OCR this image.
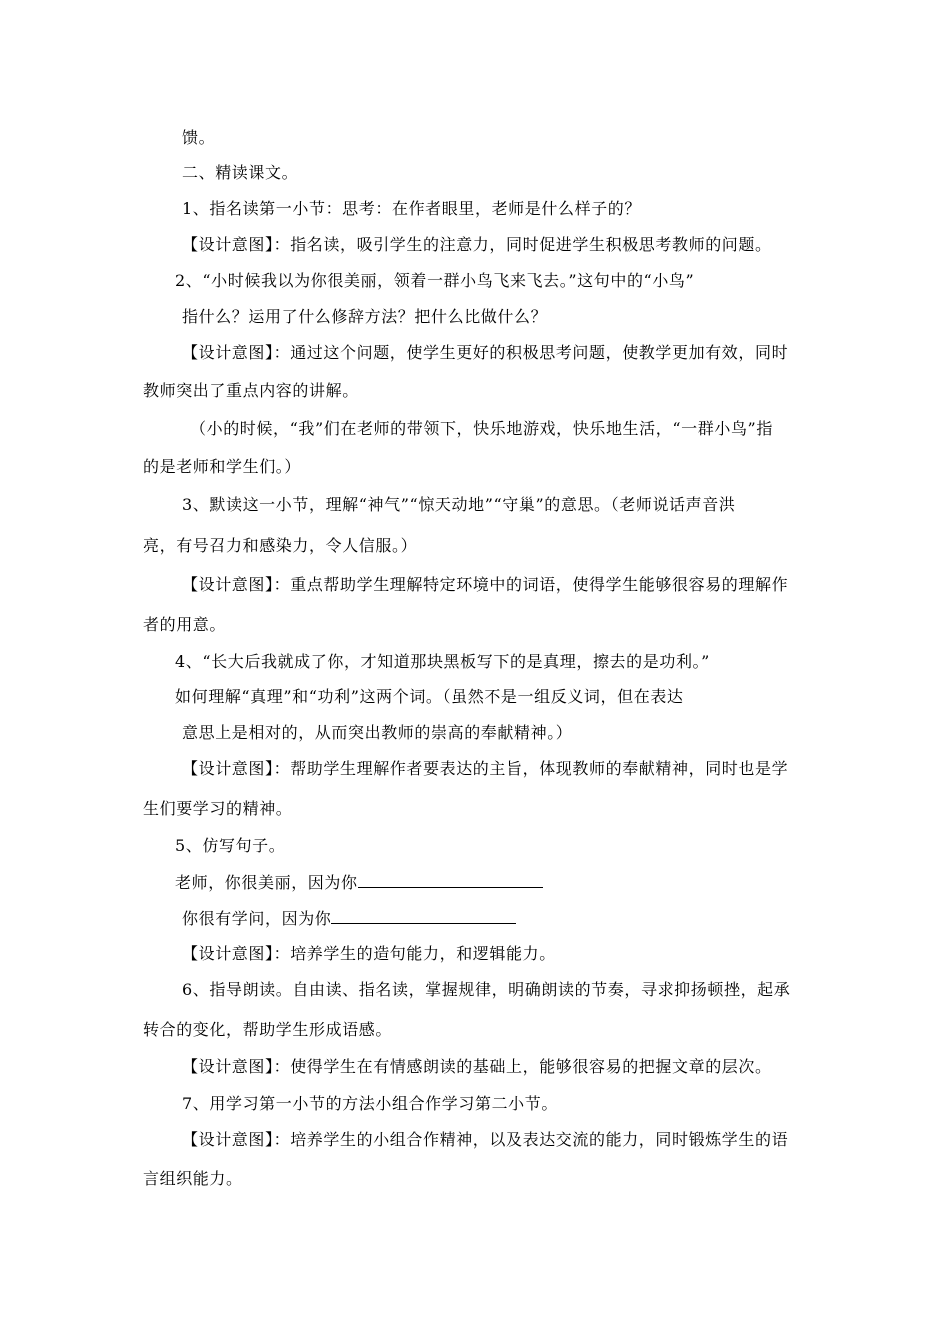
馈。
二、精读课文。
1、指名读第一小节：思考：在作者眼里，老师是什么样子的？
【设计意图】：指名读，吸引学生的注意力，同时促进学生积极思考教师的问题。
2、“小时候我以为你很美丽，领着一群小鸟飞来飞去。”这句中的“小鸟”
指什么？运用了什么修辞方法？把什么比做什么？
【设计意图】：通过这个问题，使学生更好的积极思考问题，使教学更加有效，同时
教师突出了重点内容的讲解。
（小的时候，“我”们在老师的带领下，快乐地游戏，快乐地生活，“一群小鸟”指
的是老师和学生们。）
3、默读这一小节，理解“神气”“惊天动地”“守巢”的意思。（老师说话声音洪
亮，有号召力和感染力，令人信服。）
【设计意图】：重点帮助学生理解特定环境中的词语，使得学生能够很容易的理解作
者的用意。
4、“长大后我就成了你，才知道那块黑板写下的是真理，擦去的是功利。”
如何理解“真理”和“功利”这两个词。（虽然不是一组反义词，但在表达
意思上是相对的，从而突出教师的崇高的奉献精神。）
【设计意图】：帮助学生理解作者要表达的主旨，体现教师的奉献精神，同时也是学
生们要学习的精神。
5、仿写句子。
老师，你很美丽，因为你
你很有学问，因为你
【设计意图】：培养学生的造句能力，和逻辑能力。
6、指导朗读。自由读、指名读，掌握规律，明确朗读的节奏，寻求抑扬顿挫，起承
转合的变化，帮助学生形成语感。
【设计意图】：使得学生在有情感朗读的基础上，能够很容易的把握文章的层次。
7、用学习第一小节的方法小组合作学习第二小节。
【设计意图】：培养学生的小组合作精神，以及表达交流的能力，同时锻炼学生的语
言组织能力。
